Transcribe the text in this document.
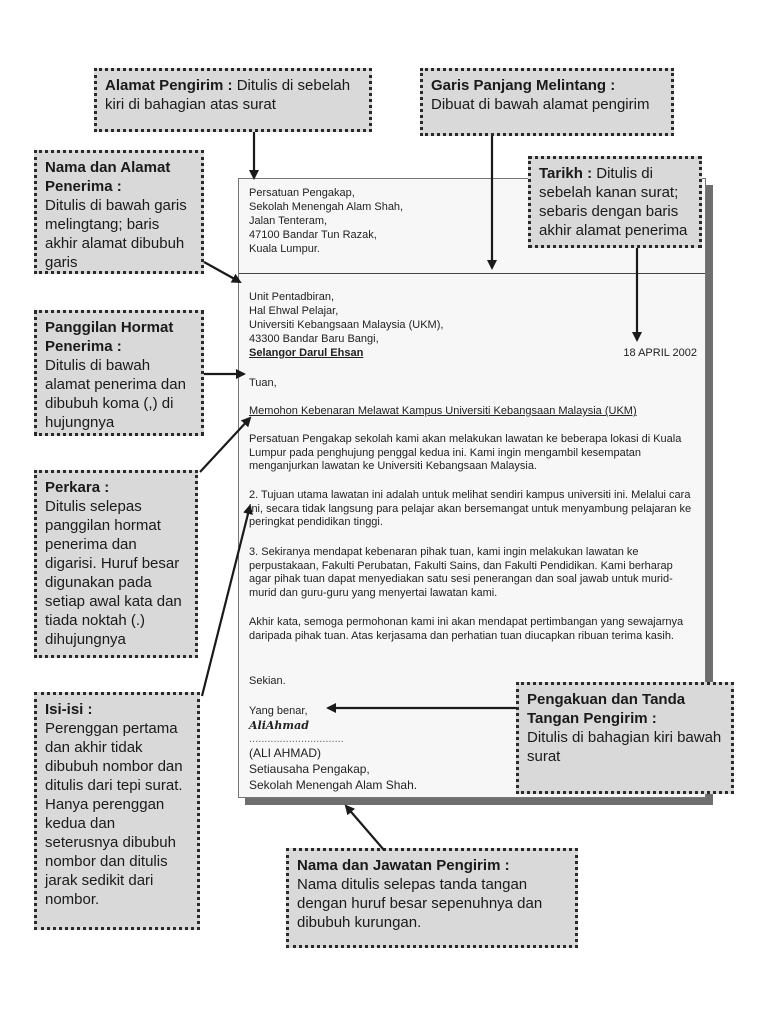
Persatuan Pengakap,
Sekolah Menengah Alam Shah,
Jalan Tenteram,
47100 Bandar Tun Razak,
Kuala Lumpur.
Unit Pentadbiran,
Hal Ehwal Pelajar,
Universiti Kebangsaan Malaysia (UKM),
43300 Bandar Baru Bangi,
Selangor Darul Ehsan	18 APRIL 2002
Tuan,
Memohon Kebenaran Melawat Kampus Universiti Kebangsaan Malaysia (UKM)
Persatuan Pengakap sekolah kami akan melakukan lawatan ke beberapa lokasi di Kuala Lumpur pada penghujung penggal kedua ini. Kami ingin mengambil kesempatan menganjurkan lawatan ke Universiti Kebangsaan Malaysia.
2. Tujuan utama lawatan ini adalah untuk melihat sendiri kampus universiti ini. Melalui cara ini, secara tidak langsung para pelajar akan bersemangat untuk menyambung pelajaran ke peringkat pendidikan tinggi.
3. Sekiranya mendapat kebenaran pihak tuan, kami ingin melakukan lawatan ke perpustakaan, Fakulti Perubatan, Fakulti Sains, dan Fakulti Pendidikan. Kami berharap agar pihak tuan dapat menyediakan satu sesi penerangan dan soal jawab untuk murid-murid dan guru-guru yang menyertai lawatan kami.
Akhir kata, semoga permohonan kami ini akan mendapat pertimbangan yang sewajarnya daripada pihak tuan. Atas kerjasama dan perhatian tuan diucapkan ribuan terima kasih.
Sekian.
Yang benar,
AliAhmad
...............................
(ALI AHMAD)
Setiausaha Pengakap,
Sekolah Menengah Alam Shah.
Alamat Pengirim : Ditulis di sebelah kiri di bahagian atas surat
Garis Panjang Melintang :
Dibuat di bawah alamat pengirim
Nama dan Alamat Penerima :
Ditulis di bawah garis melingtang; baris akhir alamat dibubuh garis
Tarikh : Ditulis di sebelah kanan surat; sebaris dengan baris akhir alamat penerima
Panggilan Hormat Penerima :
Ditulis di bawah alamat penerima dan dibubuh koma (,) di hujungnya
Perkara :
Ditulis selepas panggilan hormat penerima dan digarisi. Huruf besar digunakan pada setiap awal kata dan tiada noktah (.) dihujungnya
Isi-isi :
Perenggan pertama dan akhir tidak dibubuh nombor dan ditulis dari tepi surat. Hanya perenggan kedua dan seterusnya dibubuh nombor dan ditulis jarak sedikit dari nombor.
Pengakuan dan Tanda Tangan Pengirim :
Ditulis di bahagian kiri bawah surat
Nama dan Jawatan Pengirim :
Nama ditulis selepas tanda tangan dengan huruf besar sepenuhnya dan dibubuh kurungan.
